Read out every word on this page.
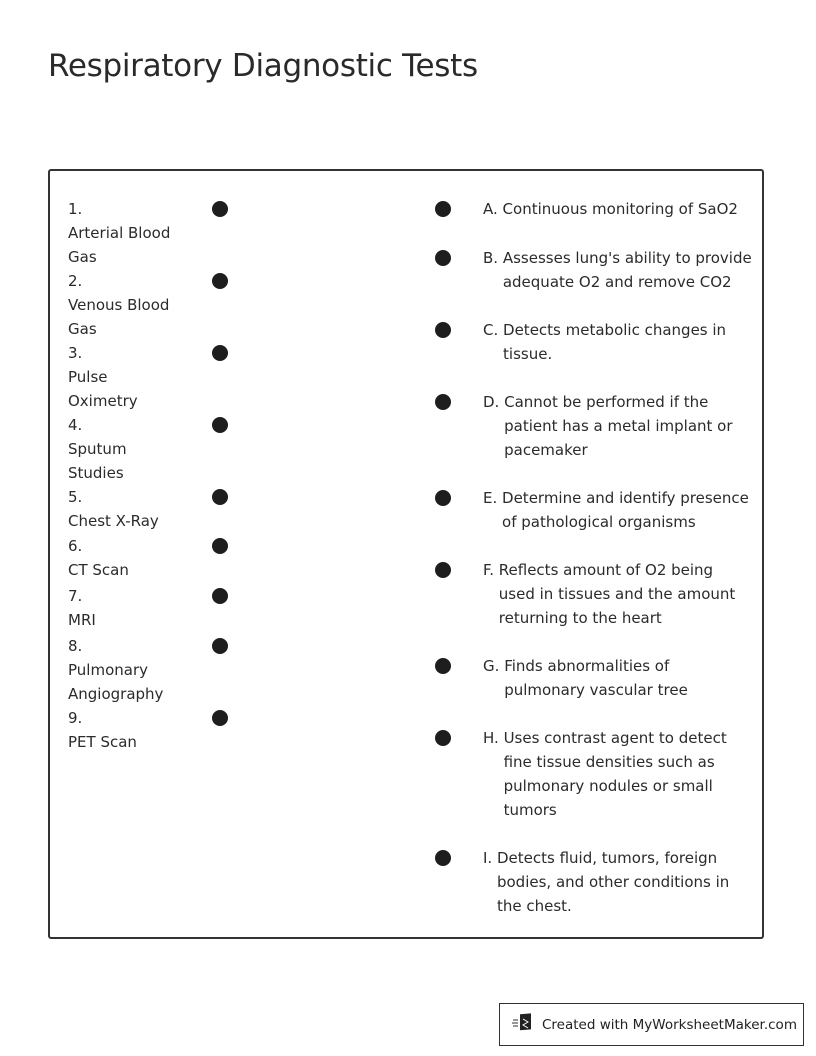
Respiratory Diagnostic Tests
1. Arterial Blood Gas
2. Venous Blood Gas
3. Pulse Oximetry
4. Sputum Studies
5. Chest X-Ray
6. CT Scan
7. MRI
8. Pulmonary Angiography
9. PET Scan
A. Continuous monitoring of SaO2
B. Assesses lung's ability to provide adequate O2 and remove CO2
C. Detects metabolic changes in tissue.
D. Cannot be performed if the patient has a metal implant or pacemaker
E. Determine and identify presence of pathological organisms
F. Reflects amount of O2 being used in tissues and the amount returning to the heart
G. Finds abnormalities of pulmonary vascular tree
H. Uses contrast agent to detect fine tissue densities such as pulmonary nodules or small tumors
I. Detects fluid, tumors, foreign bodies, and other conditions in the chest.
Created with MyWorksheetMaker.com
